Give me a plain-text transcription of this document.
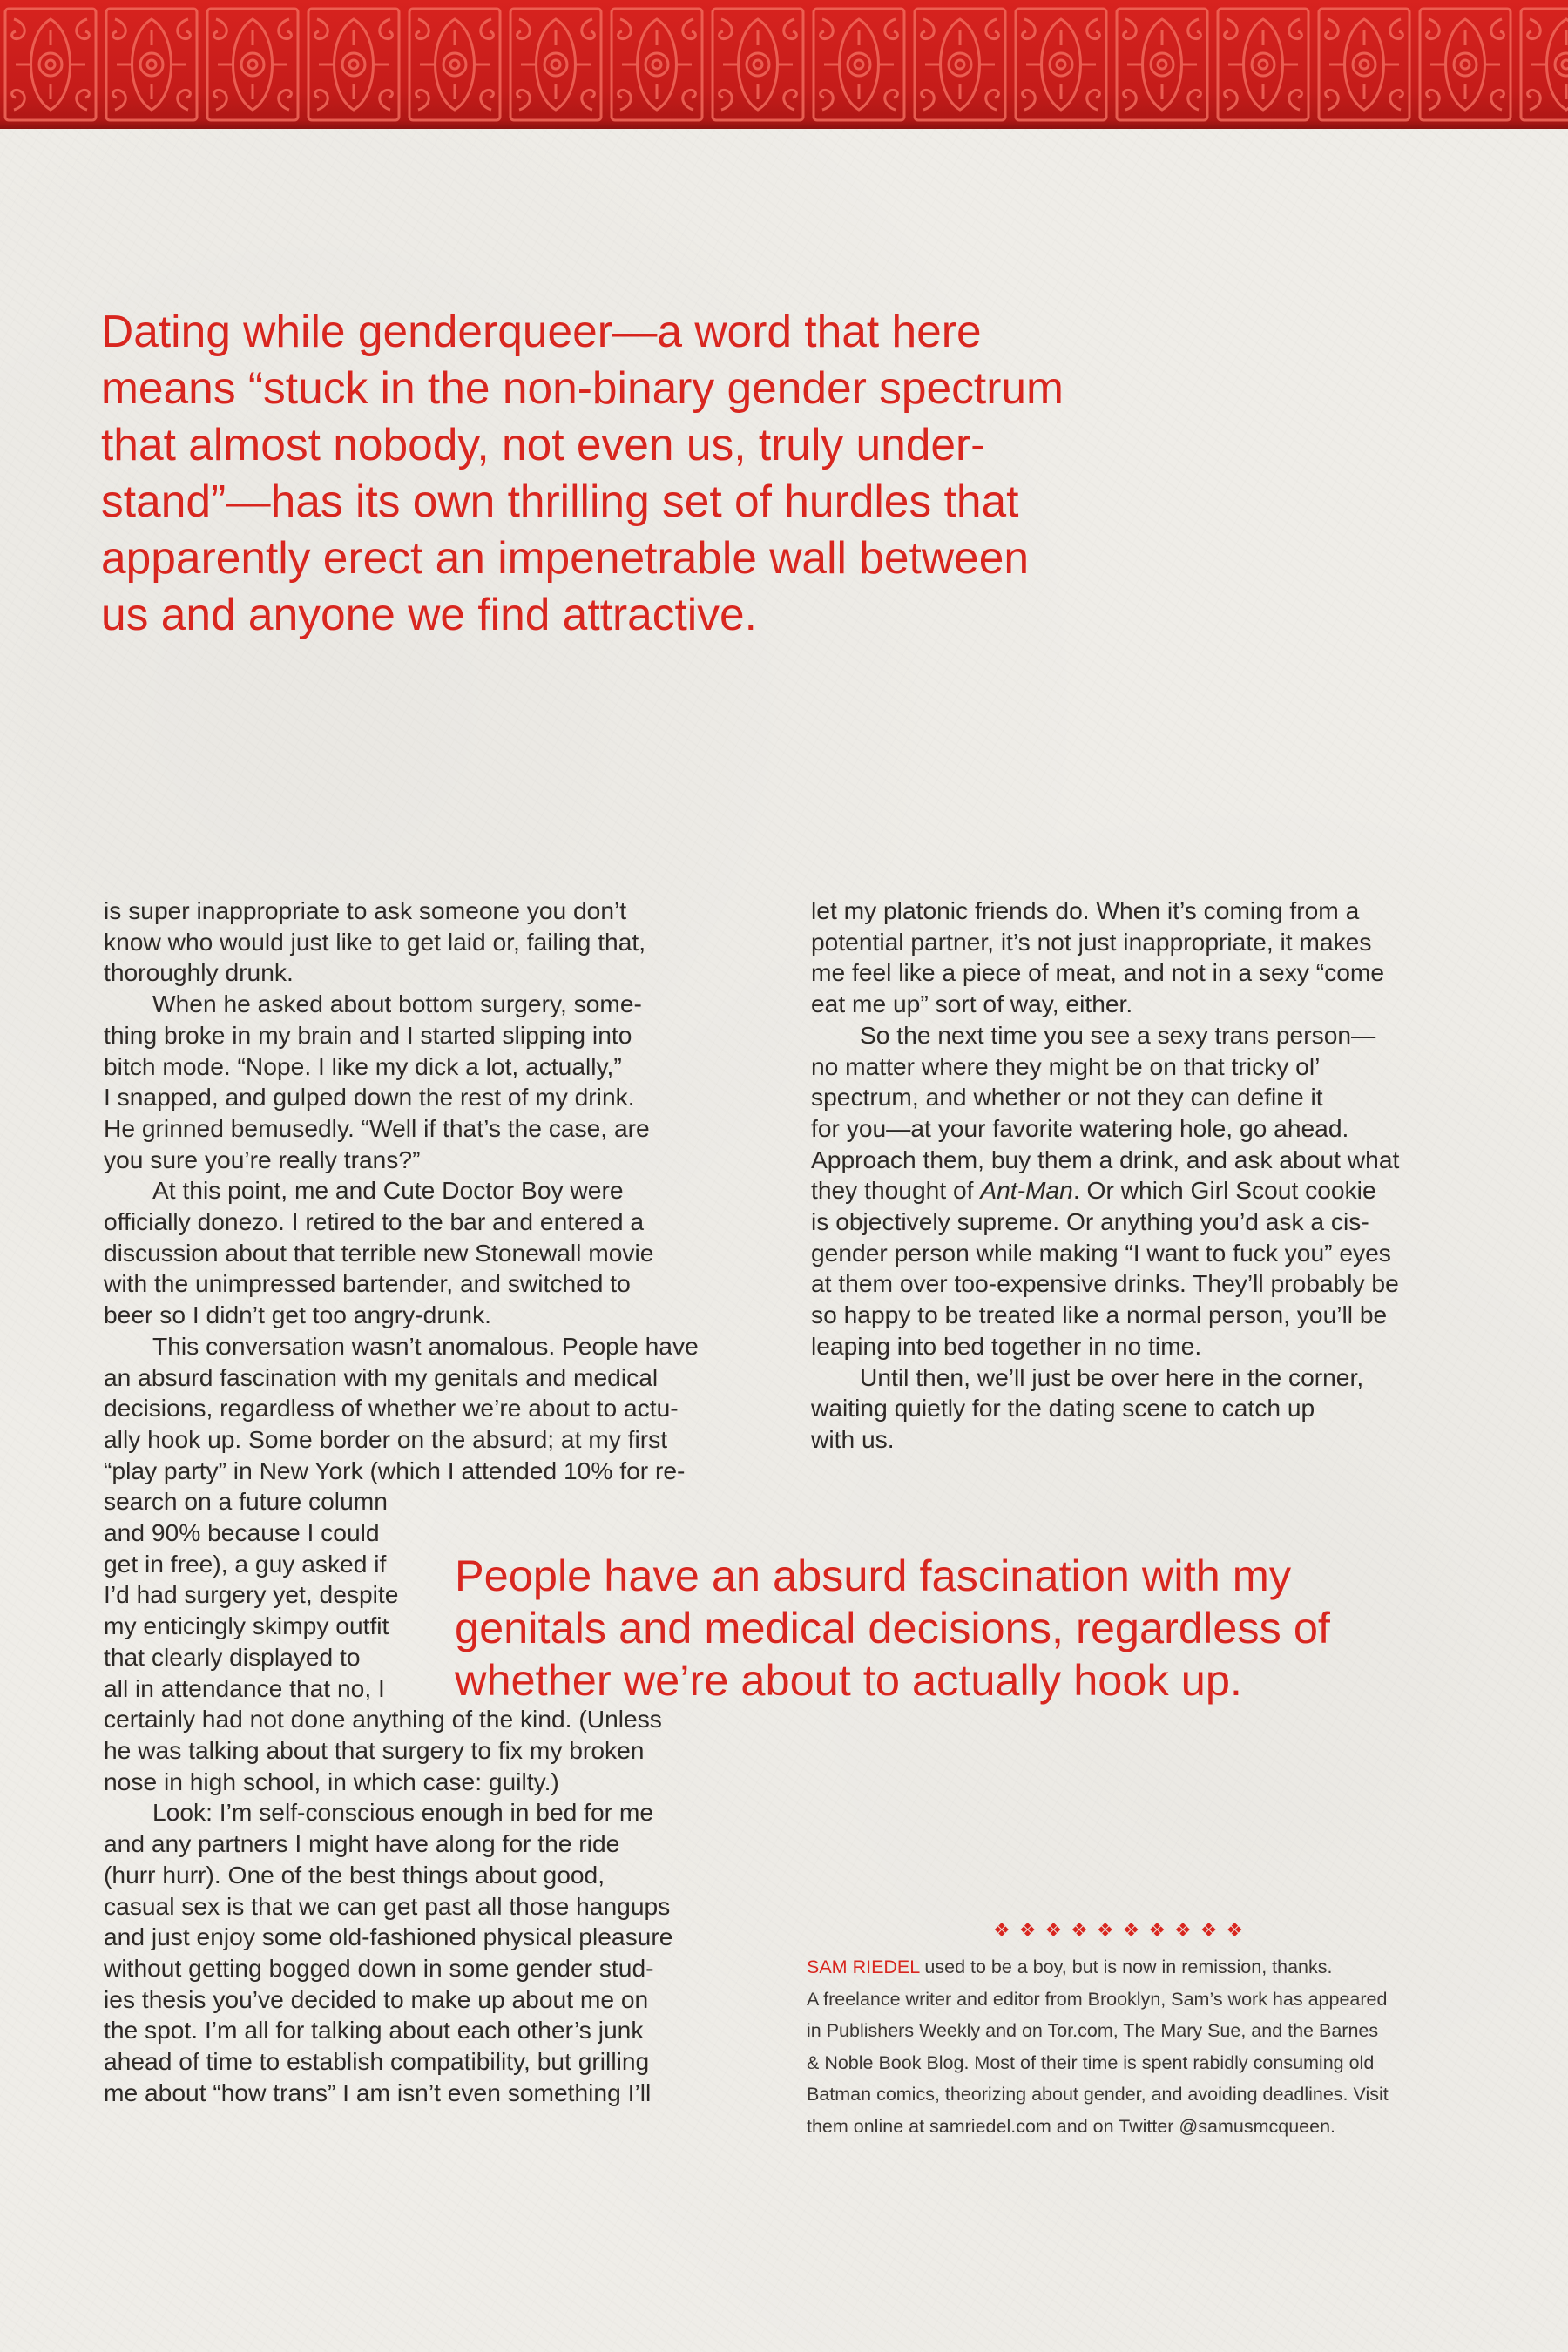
Dating while genderqueer—a word that here
means “stuck in the non-binary gender spectrum
that almost nobody, not even us, truly under-
stand”—has its own thrilling set of hurdles that
apparently erect an impenetrable wall between
us and anyone we find attractive.
is super inappropriate to ask someone you don’t
know who would just like to get laid or, failing that,
thoroughly drunk.
When he asked about bottom surgery, some-
thing broke in my brain and I started slipping into
bitch mode. “Nope. I like my dick a lot, actually,”
I snapped, and gulped down the rest of my drink.
He grinned bemusedly. “Well if that’s the case, are
you sure you’re really trans?”
At this point, me and Cute Doctor Boy were
officially donezo. I retired to the bar and entered a
discussion about that terrible new Stonewall movie
with the unimpressed bartender, and switched to
beer so I didn’t get too angry-drunk.
This conversation wasn’t anomalous. People have
an absurd fascination with my genitals and medical
decisions, regardless of whether we’re about to actu-
ally hook up. Some border on the absurd; at my first
“play party” in New York (which I attended 10% for re-
search on a future column
and 90% because I could
get in free), a guy asked if
I’d had surgery yet, despite
my enticingly skimpy outfit
that clearly displayed to
all in attendance that no, I
certainly had not done anything of the kind. (Unless
he was talking about that surgery to fix my broken
nose in high school, in which case: guilty.)
Look: I’m self-conscious enough in bed for me
and any partners I might have along for the ride
(hurr hurr). One of the best things about good,
casual sex is that we can get past all those hangups
and just enjoy some old-fashioned physical pleasure
without getting bogged down in some gender stud-
ies thesis you’ve decided to make up about me on
the spot. I’m all for talking about each other’s junk
ahead of time to establish compatibility, but grilling
me about “how trans” I am isn’t even something I’ll
let my platonic friends do. When it’s coming from a
potential partner, it’s not just inappropriate, it makes
me feel like a piece of meat, and not in a sexy “come
eat me up” sort of way, either.
So the next time you see a sexy trans person—
no matter where they might be on that tricky ol’
spectrum, and whether or not they can define it
for you—at your favorite watering hole, go ahead.
Approach them, buy them a drink, and ask about what
they thought of Ant-Man. Or which Girl Scout cookie
is objectively supreme. Or anything you’d ask a cis-
gender person while making “I want to fuck you” eyes
at them over too-expensive drinks. They’ll probably be
so happy to be treated like a normal person, you’ll be
leaping into bed together in no time.
Until then, we’ll just be over here in the corner,
waiting quietly for the dating scene to catch up
with us.
People have an absurd fascination with my
genitals and medical decisions, regardless of
whether we’re about to actually hook up.
❖❖❖❖❖❖❖❖❖❖
SAM RIEDEL used to be a boy, but is now in remission, thanks.
A freelance writer and editor from Brooklyn, Sam’s work has appeared
in Publishers Weekly and on Tor.com, The Mary Sue, and the Barnes
& Noble Book Blog. Most of their time is spent rabidly consuming old
Batman comics, theorizing about gender, and avoiding deadlines. Visit
them online at samriedel.com and on Twitter @samusmcqueen.
